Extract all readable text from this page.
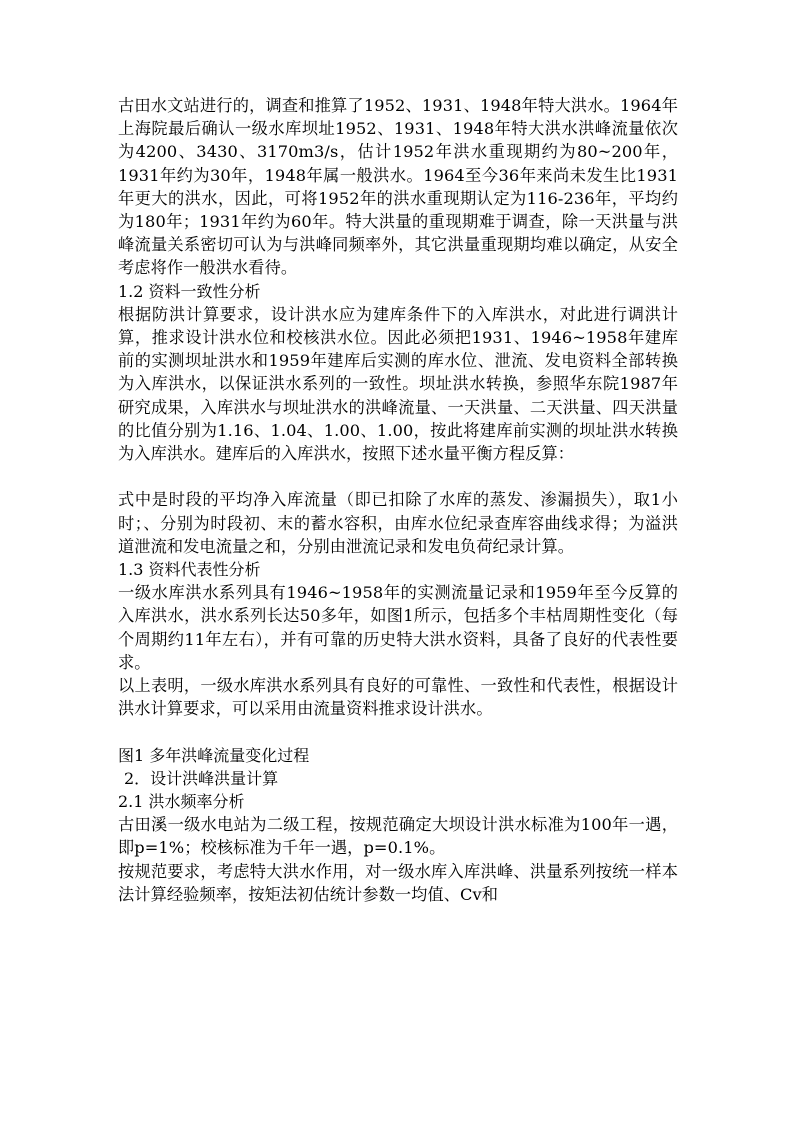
古田水文站进行的，调查和推算了1952、1931、1948年特大洪水。1964年上海院最后确认一级水库坝址1952、1931、1948年特大洪水洪峰流量依次为4200、3430、3170m3/s，估计1952年洪水重现期约为80~200年，1931年约为30年，1948年属一般洪水。1964至今36年来尚未发生比1931年更大的洪水，因此，可将1952年的洪水重现期认定为116-236年，平均约为180年；1931年约为60年。特大洪量的重现期难于调查，除一天洪量与洪峰流量关系密切可认为与洪峰同频率外，其它洪量重现期均难以确定，从安全考虑将作一般洪水看待。

1.2 资料一致性分析

根据防洪计算要求，设计洪水应为建库条件下的入库洪水，对此进行调洪计算，推求设计洪水位和校核洪水位。因此必须把1931、1946~1958年建库前的实测坝址洪水和1959年建库后实测的库水位、泄流、发电资料全部转换为入库洪水，以保证洪水系列的一致性。坝址洪水转换，参照华东院1987年研究成果，入库洪水与坝址洪水的洪峰流量、一天洪量、二天洪量、四天洪量的比值分别为1.16、1.04、1.00、1.00，按此将建库前实测的坝址洪水转换为入库洪水。建库后的入库洪水，按照下述水量平衡方程反算：

式中是时段的平均净入库流量（即已扣除了水库的蒸发、渗漏损失），取1小时；、分别为时段初、末的蓄水容积，由库水位纪录查库容曲线求得；为溢洪道泄流和发电流量之和，分别由泄流记录和发电负荷纪录计算。

1.3 资料代表性分析

一级水库洪水系列具有1946~1958年的实测流量记录和1959年至今反算的入库洪水，洪水系列长达50多年，如图1所示，包括多个丰枯周期性变化（每个周期约11年左右），并有可靠的历史特大洪水资料，具备了良好的代表性要求。

以上表明，一级水库洪水系列具有良好的可靠性、一致性和代表性，根据设计洪水计算要求，可以采用由流量资料推求设计洪水。

图1 多年洪峰流量变化过程

2．设计洪峰洪量计算

2.1 洪水频率分析

古田溪一级水电站为二级工程，按规范确定大坝设计洪水标准为100年一遇，即p=1%；校核标准为千年一遇，p=0.1%。

按规范要求，考虑特大洪水作用，对一级水库入库洪峰、洪量系列按统一样本法计算经验频率，按矩法初估统计参数一均值、Cv和
